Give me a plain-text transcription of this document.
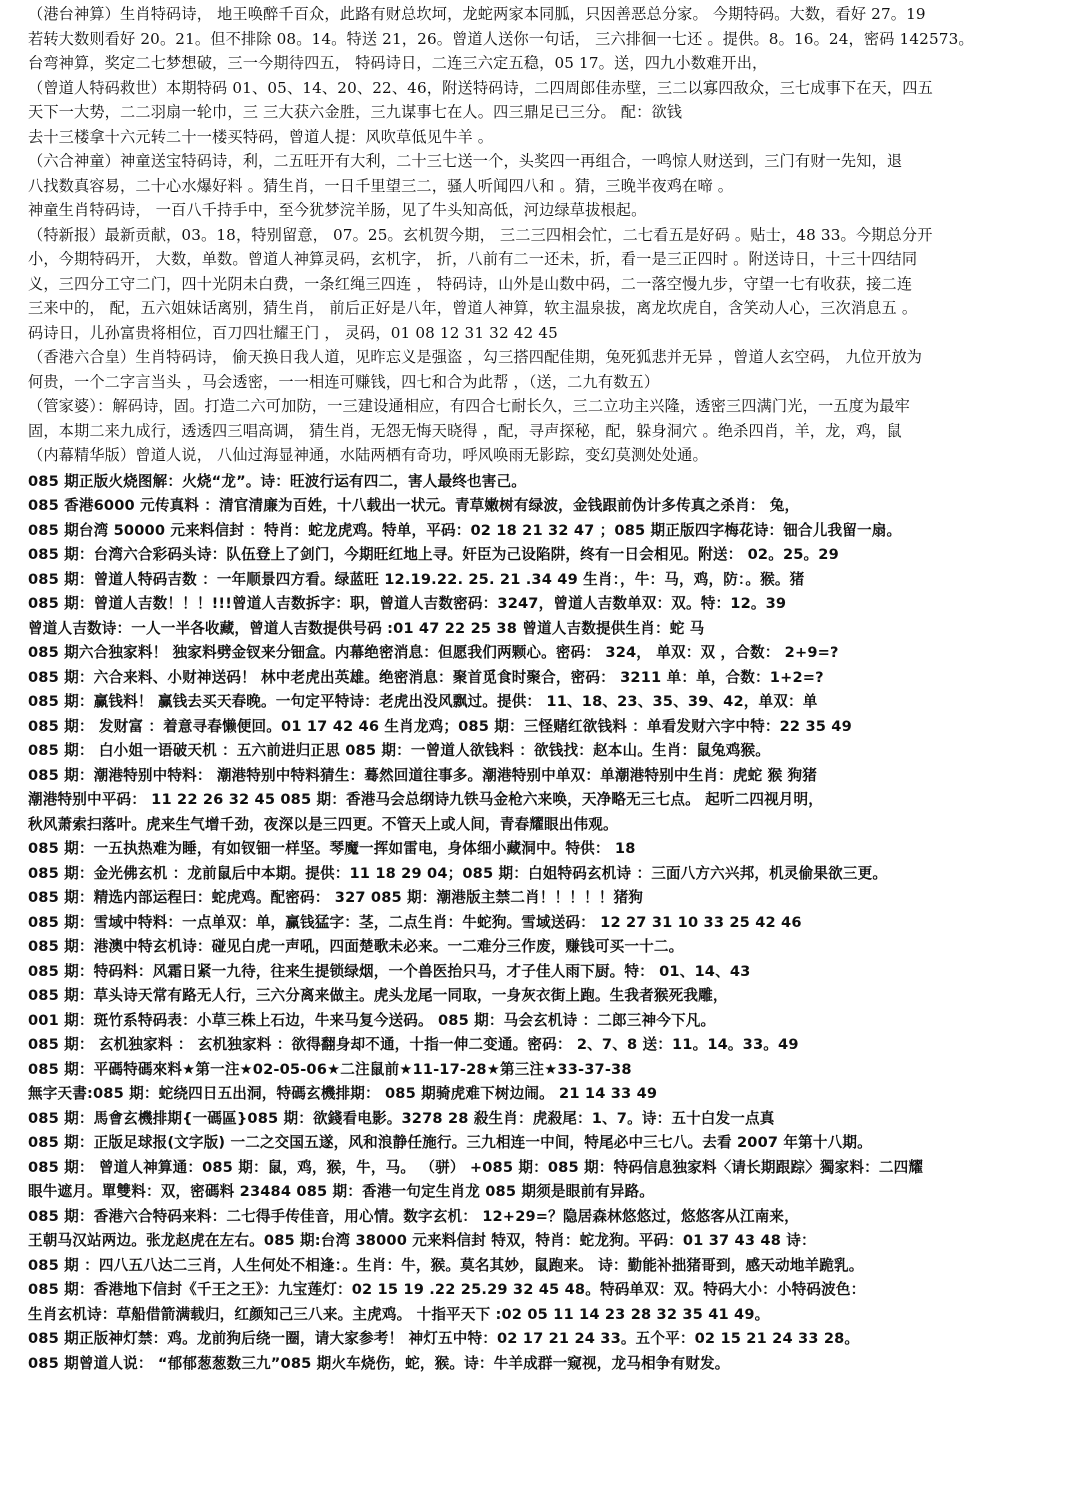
（港台神算）生肖特码诗， 地王唤醉千百众，此路有财总坎坷，龙蛇两家本同胍，只因善恶总分家。 今期特码。大数，看好 27。19
若转大数则看好 20。21。但不排除 08。14。特送 21，26。曾道人送你一句话， 三六排徊一七还 。提供。8。16。24，密码 142573。
台弯神算，奖定二七梦想破，三一今期待四五， 特码诗日，二连三六定五稳，05 17。送，四九小数难开出，
（曾道人特码救世）本期特码 01、05、14、20、22、46，附送特码诗，二四周郎佳赤壁，三二以寡四敌众，三七成事下在天，四五
天下一大势，二二羽扇一轮巾，三 三大获六金胜，三九谋事七在人。四三鼎足已三分。 配：欲钱
去十三楼拿十六元转二十一楼买特码，曾道人提：风吹草低见牛羊 。
（六合神童）神童送宝特码诗，利，二五旺开有大利，二十三七送一个，头奖四一再组合，一鸣惊人财送到，三门有财一先知，退
八找数真容易，二十心水爆好料 。猜生肖，一日千里望三二，骚人听闻四八和 。猜，三晚半夜鸡在啼 。
神童生肖特码诗， 一百八千持手中，至今犹梦浣羊肠，见了牛头知高低，河边绿草拔根起。
（特新报）最新贡献，03。18，特别留意， 07。25。玄机贺今期， 三二三四相会忙，二七看五是好码 。贴士，48 33。今期总分开
小，今期特码开， 大数，单数。曾道人神算灵码，玄机字， 折，八前有二一还未，折，看一是三正四时 。附送诗日，十三十四结同
义，三四分工守二门，四十光阴未白费，一条红绳三四连 ， 特码诗，山外是山数中码，二一落空慢九步，守望一七有收获，接二连
三来中的， 配，五六姐妹话离别，猜生肖， 前后正好是八年，曾道人神算，软主温泉拔，离龙坎虎自，含笑动人心，三次消息五 。
码诗日，儿孙富贵将相位，百刀四壮耀王门 ， 灵码，01 08 12 31 32 42 45
（香港六合皇）生肖特码诗， 偷天换日我人道，见昨忘义是强盗 ，勾三搭四配佳期，兔死狐悲并无异 ，曾道人玄空码， 九位开放为
何贵，一个二字言当头 ，马会透密，一一相连可赚钱，四七和合为此帮 ，（送，二九有数五）
（管家婆）：解码诗，固。打造二六可加防，一三建设通相应，有四合七耐长久，三二立功主兴隆，透密三四满门光，一五度为最牢
固，本期二来九成行，透透四三唱高调， 猜生肖，无怨无悔天晓得 ，配，寻声探秘，配，躲身洞穴 。绝杀四肖，羊，龙，鸡，鼠
（内幕精华版）曾道人说， 八仙过海显神通，水陆两栖有奇功，呼风唤雨无影踪，变幻莫测处处通。
085 期正版火烧图解：火烧“龙”。诗：旺波行运有四二，害人最终也害己。
085 香港6000 元传真料 ：清官清廉为百姓，十八载出一状元。青草嫩树有绿波，金钱跟前伪计多传真之杀肖： 兔，
085 期台湾 50000 元来料信封 ：特肖：蛇龙虎鸡。特单，平码：02 18 21 32 47 ；085 期正版四字梅花诗：钿合儿我留一扇。
085 期：台湾六合彩码头诗：队伍登上了剑门，今期旺红地上寻。奸臣为己设陷阱，终有一日会相见。附送： 02。25。29
085 期：曾道人特码吉数 ：一年顺景四方看。绿蓝旺 12.19.22. 25. 21 .34 49 生肖：，牛：马，鸡，防：。猴。猪
085 期：曾道人吉数！！！!!!曾道人吉数拆字：职，曾道人吉数密码：3247，曾道人吉数单双：双。特：12。39
曾道人吉数诗：一人一半各收藏，曾道人吉数提供号码 :01 47 22 25 38 曾道人吉数提供生肖：蛇 马
085 期六合独家料！ 独家料劈金钗来分钿盒。内幕绝密消息：但愿我们两颗心。密码： 324， 单双：双 ，合数： 2+9=?
085 期：六合来料、小财神送码！ 林中老虎出英雄。绝密消息：聚首觅食时聚合，密码： 3211 单：单，合数：1+2=?
085 期：赢钱料！ 赢钱去买天春晚。一句定平特诗：老虎出没风飘过。提供： 11、18、23、35、39、42，单双：单
085 期： 发财富 ：着意寻春懒便回。01 17 42 46 生肖龙鸡；085 期：三怪赌红欲钱料 ：单看发财六字中特：22 35 49
085 期： 白小姐一语破天机 ：五六前进归正思 085 期：一曾道人欲钱料 ：欲钱找：赵本山。生肖：鼠兔鸡猴。
085 期：潮港特别中特料： 潮港特别中特料猜生：蓦然回道往事多。潮港特别中单双：单潮港特别中生肖：虎蛇 猴 狗猪
潮港特别中平码： 11 22 26 32 45 085 期：香港马会总纲诗九铁马金枪六来唤，天净略无三七点。 起听二四视月明，
秋风萧索扫落叶。虎来生气增千劲，夜深以是三四更。不管天上或人间，青春耀眼出伟观。
085 期：一五执热难为睡，有如钗钿一样坚。琴魔一挥如雷电，身体细小藏洞中。特供： 18
085 期：金光佛玄机 ：龙前鼠后中本期。提供：11 18 29 04；085 期：白姐特码玄机诗 ：三面八方六兴邦，机灵偷果欲三更。
085 期：精选内部运程曰：蛇虎鸡。配密码： 327 085 期：潮港版主禁二肖！！！！！猪狗
085 期：雪域中特料：一点单双：单，赢钱猛字：茎，二点生肖：牛蛇狗。雪域送码： 12 27 31 10 33 25 42 46
085 期：港澳中特玄机诗：碰见白虎一声吼，四面楚歌未必来。一二难分三作废，赚钱可买一十二。
085 期：特码料：风霜日紧一九待，往来生提锁绿烟，一个兽医抬只马，才子佳人雨下厨。特： 01、14、43
085 期：草头诗天常有路无人行，三六分离来做主。虎头龙尾一同取，一身灰衣街上跑。生我者猴死我雕，
001 期：斑竹系特码表：小草三株上石边，牛来马复今送码。 085 期：马会玄机诗 ：二郎三神今下凡。
085 期： 玄机独家料 ： 玄机独家料 ：欲得翻身却不通，十指一伸二变通。密码： 2、7、8 送：11。14。33。49
085 期：平碼特碼來料★第一注★02-05-06★二注鼠前★11-17-28★第三注★33-37-38
無字天書:085 期：蛇绕四日五出洞，特碼玄機排期： 085 期骑虎难下树边闹。 21 14 33 49
085 期：馬會玄機排期{一碼區}085 期：欲錢看电影。3278 28 殺生肖：虎殺尾：1、7。诗：五十白发一点真
085 期：正版足球报(文字版) 一二之交国五遂，风和浪静任施行。三九相连一中间，特尾必中三七八。去看 2007 年第十八期。
085 期： 曾道人神算通：085 期：鼠，鸡，猴，牛，马。 （骈） +085 期：085 期：特码信息独家料〈请长期跟踪〉獨家料：二四耀
眼牛遮月。單雙料：双，密碼料 23484 085 期：香港一句定生肖龙 085 期须是眼前有异路。
085 期：香港六合特码来料：二七得手传佳音，用心情。数字玄机： 12+29=？隐居森林悠悠过，悠悠客从江南来，
王朝马汉站两边。张龙赵虎在左右。085 期:台湾 38000 元来料信封 特双，特肖：蛇龙狗。平码：01 37 43 48 诗：
085 期 ：四八五八达二三肖，人生何处不相逢：。生肖：牛，猴。莫名其妙，鼠跑来。 诗：勤能补拙猪哥到，感天动地羊跪乳。
085 期：香港地下信封《千王之王》：九宝莲灯：02 15 19 .22 25.29 32 45 48。特码单双：双。特码大小：小特码波色：
生肖玄机诗：草船借箭满载归，红颜知己三八来。主虎鸡。 十指平天下 :02 05 11 14 23 28 32 35 41 49。
085 期正版神灯禁：鸡。龙前狗后绕一圈，请大家参考！ 神灯五中特：02 17 21 24 33。五个平：02 15 21 24 33 28。
085 期曾道人说： “郁郁葱葱数三九”085 期火车烧伤，蛇，猴。诗：牛羊成群一窥视，龙马相争有财发。
